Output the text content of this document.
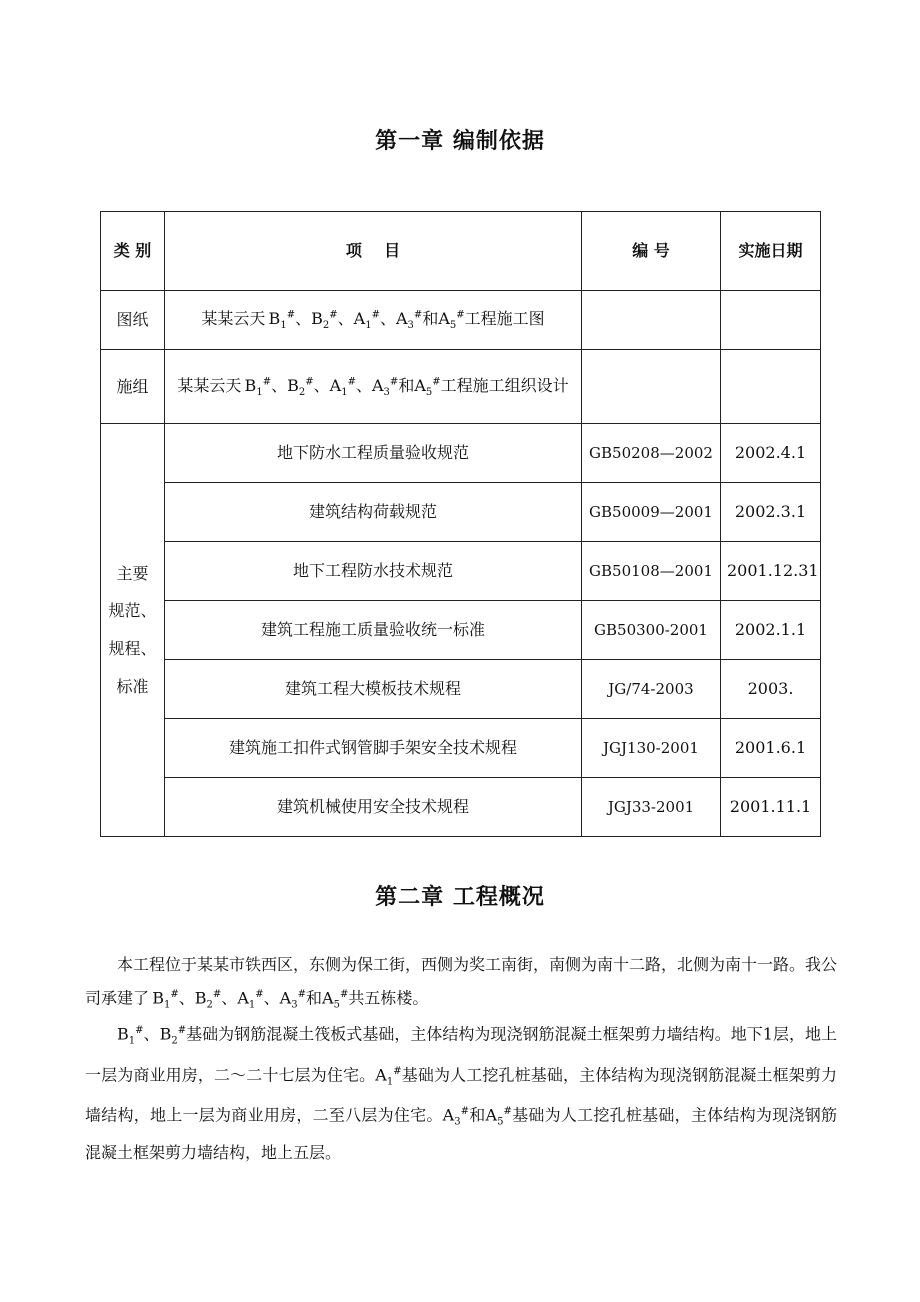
第一章 编制依据
类 别	项    目	编 号	实施日期
图纸	某某云天  $B_1^{\#}$、$B_2^{\#}$、$A_1^{\#}$、$A_3^{\#}$和$A_5^{\#}$工程施工图		
施组	某某云天  $B_1^{\#}$、$B_2^{\#}$、$A_1^{\#}$、$A_3^{\#}$和$A_5^{\#}$工程施工组织设计		

主要
规范、
规程、
标准	地下防水工程质量验收规范	GB50208—2002	2002.4.1
	建筑结构荷载规范	GB50009—2001	2002.3.1
	地下工程防水技术规范	GB50108—2001	2001.12.31
	建筑工程施工质量验收统一标准	GB50300-2001	2002.1.1
	建筑工程大模板技术规程	JG/74-2003	2003.
	建筑施工扣件式钢管脚手架安全技术规程	JGJ130-2001	2001.6.1
	建筑机械使用安全技术规程	JGJ33-2001	2001.11.1
第二章 工程概况

本工程位于某某市铁西区，东侧为保工街，西侧为奖工南街，南侧为南十二路，北侧为南十一路。我公司承建了  $B_1^{\#}$、$B_2^{\#}$、$A_1^{\#}$、$A_3^{\#}$和$A_5^{\#}$共五栋楼。

$B_1^{\#}$、$B_2^{\#}$基础为钢筋混凝土筏板式基础，主体结构为现浇钢筋混凝土框架剪力墙结构。地下1层，地上一层为商业用房，二～二十七层为住宅。$A_1^{\#}$基础为人工挖孔桩基础，主体结构为现浇钢筋混凝土框架剪力墙结构，地上一层为商业用房，二至八层为住宅。$A_3^{\#}$和$A_5^{\#}$基础为人工挖孔桩基础，主体结构为现浇钢筋混凝土框架剪力墙结构，地上五层。
